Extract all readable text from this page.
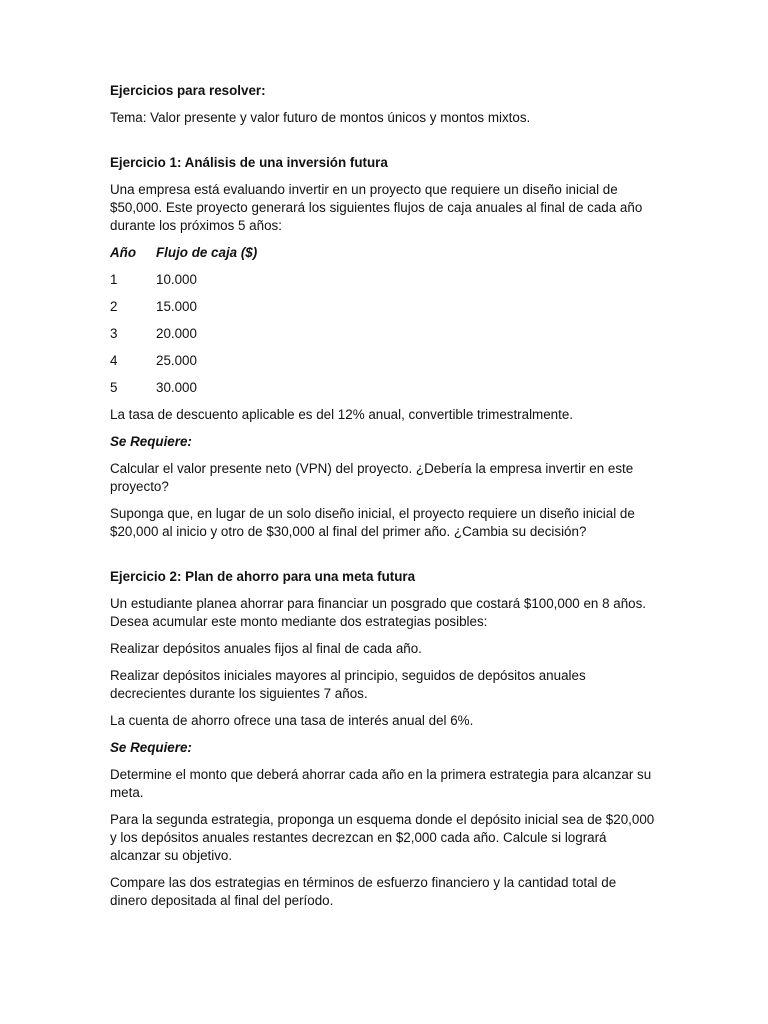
Ejercicios para resolver:

Tema: Valor presente y valor futuro de montos únicos y montos mixtos.

Ejercicio 1: Análisis de una inversión futura

Una empresa está evaluando invertir en un proyecto que requiere un diseño inicial de $50,000. Este proyecto generará los siguientes flujos de caja anuales al final de cada año durante los próximos 5 años:

Año	Flujo de caja ($)
1	10.000
2	15.000
3	20.000
4	25.000
5	30.000

La tasa de descuento aplicable es del 12% anual, convertible trimestralmente.

Se Requiere:

Calcular el valor presente neto (VPN) del proyecto. ¿Debería la empresa invertir en este proyecto?

Suponga que, en lugar de un solo diseño inicial, el proyecto requiere un diseño inicial de $20,000 al inicio y otro de $30,000 al final del primer año. ¿Cambia su decisión?

Ejercicio 2: Plan de ahorro para una meta futura

Un estudiante planea ahorrar para financiar un posgrado que costará $100,000 en 8 años. Desea acumular este monto mediante dos estrategias posibles:

Realizar depósitos anuales fijos al final de cada año.

Realizar depósitos iniciales mayores al principio, seguidos de depósitos anuales decrecientes durante los siguientes 7 años.

La cuenta de ahorro ofrece una tasa de interés anual del 6%.

Se Requiere:

Determine el monto que deberá ahorrar cada año en la primera estrategia para alcanzar su meta.

Para la segunda estrategia, proponga un esquema donde el depósito inicial sea de $20,000 y los depósitos anuales restantes decrezcan en $2,000 cada año. Calcule si logrará alcanzar su objetivo.

Compare las dos estrategias en términos de esfuerzo financiero y la cantidad total de dinero depositada al final del período.
